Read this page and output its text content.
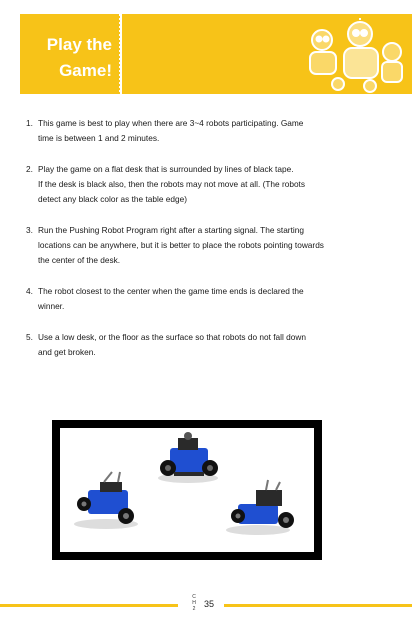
Play the
Game!
1. This game is best to play when there are 3~4 robots participating. Game
time is between 1 and 2 minutes.
2. Play the game on a flat desk that is surrounded by lines of black tape.
If the desk is black also, then the robots may not move at all. (The robots
detect any black color as the table edge)
3. Run the Pushing Robot Program right after a starting signal. The starting
locations can be anywhere, but it is better to place the robots pointing towards
the center of the desk.
4. The robot closest to the center when the game time ends is declared the
winner.
5. Use a low desk, or the floor as the surface so that robots do not fall down
and get broken.
C
H
2 35
